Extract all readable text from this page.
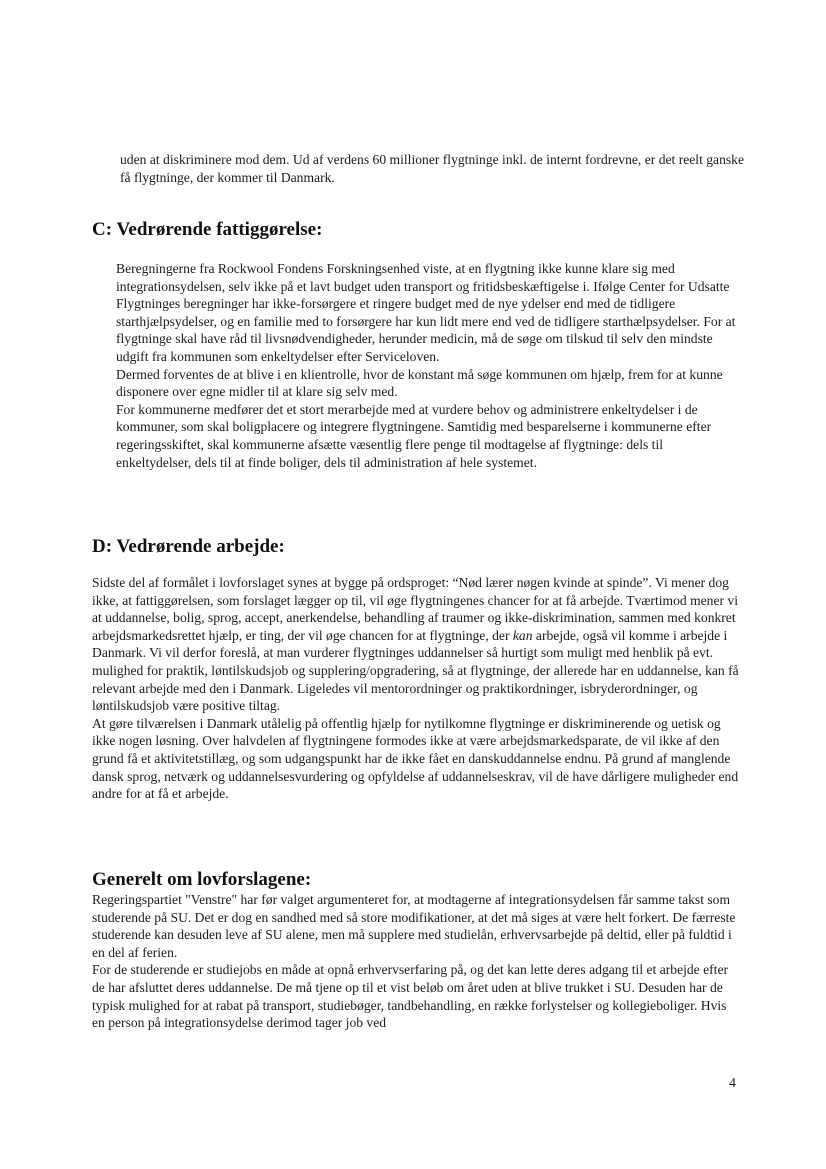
uden at diskriminere mod dem. Ud af verdens 60 millioner flygtninge inkl. de internt fordrevne, er det reelt ganske få flygtninge, der kommer til Danmark.

C: Vedrørende fattiggørelse:

Beregningerne fra Rockwool Fondens Forskningsenhed viste, at en flygtning ikke kunne klare sig med integrationsydelsen, selv ikke på et lavt budget uden transport og fritidsbeskæftigelse i. Ifølge Center for Udsatte Flygtninges beregninger har ikke-forsørgere et ringere budget med de nye ydelser end med de tidligere starthjælpsydelser, og en familie med to forsørgere har kun lidt mere end ved de tidligere starthælpsydelser. For at flygtninge skal have råd til livsnødvendigheder, herunder medicin, må de søge om tilskud til selv den mindste udgift fra kommunen som enkeltydelser efter Serviceloven.

Dermed forventes de at blive i en klientrolle, hvor de konstant må søge kommunen om hjælp, frem for at kunne disponere over egne midler til at klare sig selv med.

For kommunerne medfører det et stort merarbejde med at vurdere behov og administrere enkeltydelser i de kommuner, som skal boligplacere og integrere flygtningene. Samtidig med besparelserne i kommunerne efter regeringsskiftet, skal kommunerne afsætte væsentlig flere penge til modtagelse af flygtninge: dels til enkeltydelser, dels til at finde boliger, dels til administration af hele systemet.

D: Vedrørende arbejde:

Sidste del af formålet i lovforslaget synes at bygge på ordsproget: “Nød lærer nøgen kvinde at spinde”. Vi mener dog ikke, at fattiggørelsen, som forslaget lægger op til, vil øge flygtningenes chancer for at få arbejde. Tværtimod mener vi at uddannelse, bolig, sprog, accept, anerkendelse, behandling af traumer og ikke-diskrimination, sammen med konkret arbejdsmarkedsrettet hjælp, er ting, der vil øge chancen for at flygtninge, der kan arbejde, også vil komme i arbejde i Danmark. Vi vil derfor foreslå, at man vurderer flygtninges uddannelser så hurtigt som muligt med henblik på evt. mulighed for praktik, løntilskudsjob og supplering/opgradering, så at flygtninge, der allerede har en uddannelse, kan få relevant arbejde med den i Danmark. Ligeledes vil mentorordninger og praktikordninger, isbryderordninger, og løntilskudsjob være positive tiltag.

At gøre tilværelsen i Danmark utålelig på offentlig hjælp for nytilkomne flygtninge er diskriminerende og uetisk og ikke nogen løsning. Over halvdelen af flygtningene formodes ikke at være arbejdsmarkedsparate, de vil ikke af den grund få et aktivitetstillæg, og som udgangspunkt har de ikke fået en danskuddannelse endnu. På grund af manglende dansk sprog, netværk og uddannelsesvurdering og opfyldelse af uddannelseskrav, vil de have dårligere muligheder end andre for at få et arbejde.

Generelt om lovforslagene:

Regeringspartiet "Venstre" har før valget argumenteret for, at modtagerne af integrationsydelsen får samme takst som studerende på SU. Det er dog en sandhed med så store modifikationer, at det må siges at være helt forkert. De færreste studerende kan desuden leve af SU alene, men må supplere med studielån, erhvervsarbejde på deltid, eller på fuldtid i en del af ferien.

For de studerende er studiejobs en måde at opnå erhvervserfaring på, og det kan lette deres adgang til et arbejde efter de har afsluttet deres uddannelse. De må tjene op til et vist beløb om året uden at blive trukket i SU. Desuden har de typisk mulighed for at rabat på transport, studiebøger, tandbehandling, en række forlystelser og kollegieboliger. Hvis en person på integrationsydelse derimod tager job ved

4
